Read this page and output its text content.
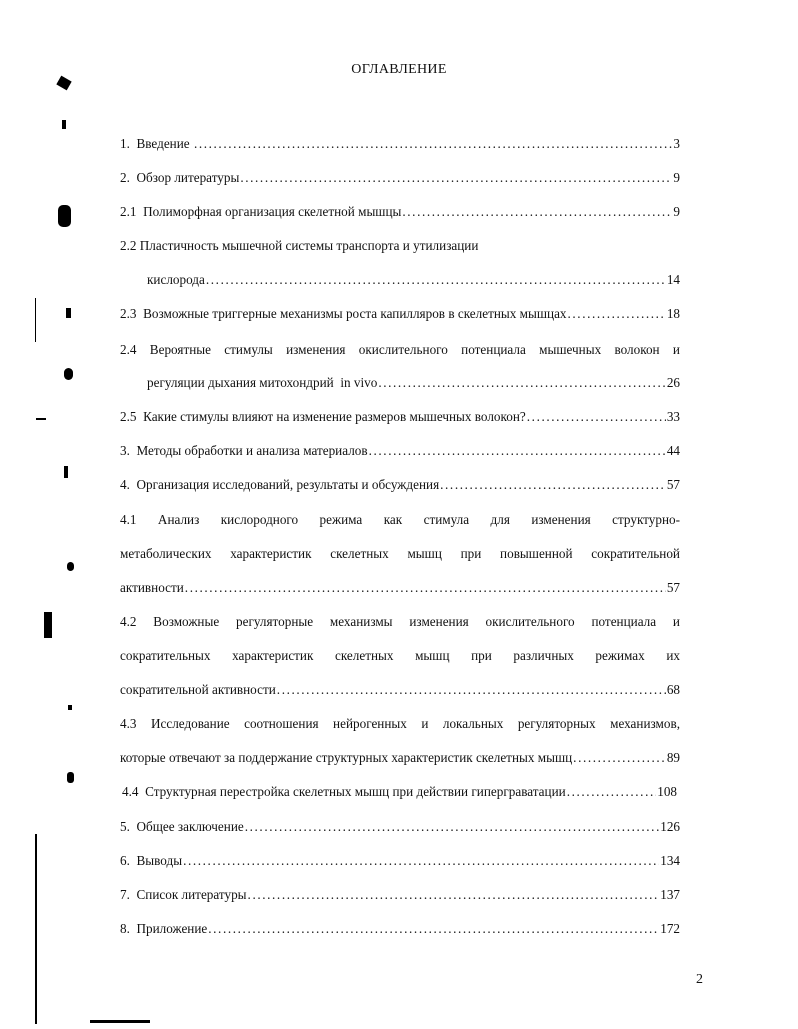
ОГЛАВЛЕНИЕ
1.  Введение .....	3
2.  Обзор литературы .....	9
2.1  Полиморфная организация скелетной мышцы .....	9
2.2 Пластичность мышечной системы транспорта и утилизации
кислорода .....	14
2.3  Возможные триггерные механизмы роста капилляров в скелетных мышцах .....	18
2.4 Вероятные стимулы изменения окислительного потенциала мышечных волокон и
регуляции дыхания митохондрий  in vivo .....	26
2.5  Какие стимулы влияют на изменение размеров мышечных волокон? .....	33
3.  Методы обработки и анализа материалов .....	44
4.  Организация исследований, результаты и обсуждения .....	57
4.1 Анализ кислородного режима как стимула для изменения структурно-
метаболических характеристик скелетных мышц при повышенной сократительной
активности .....	57
4.2 Возможные регуляторные механизмы изменения окислительного потенциала и
сократительных характеристик скелетных мышц при различных режимах их
сократительной активности .....	68
4.3 Исследование соотношения нейрогенных и локальных регуляторных механизмов,
которые отвечают за поддержание структурных характеристик скелетных мышц .....	89
4.4  Структурная перестройка скелетных мышц при действии гиперграватации .....	108
5.  Общее заключение .....	126
6.  Выводы .....	134
7.  Список литературы .....	137
8.  Приложение .....	172
2
